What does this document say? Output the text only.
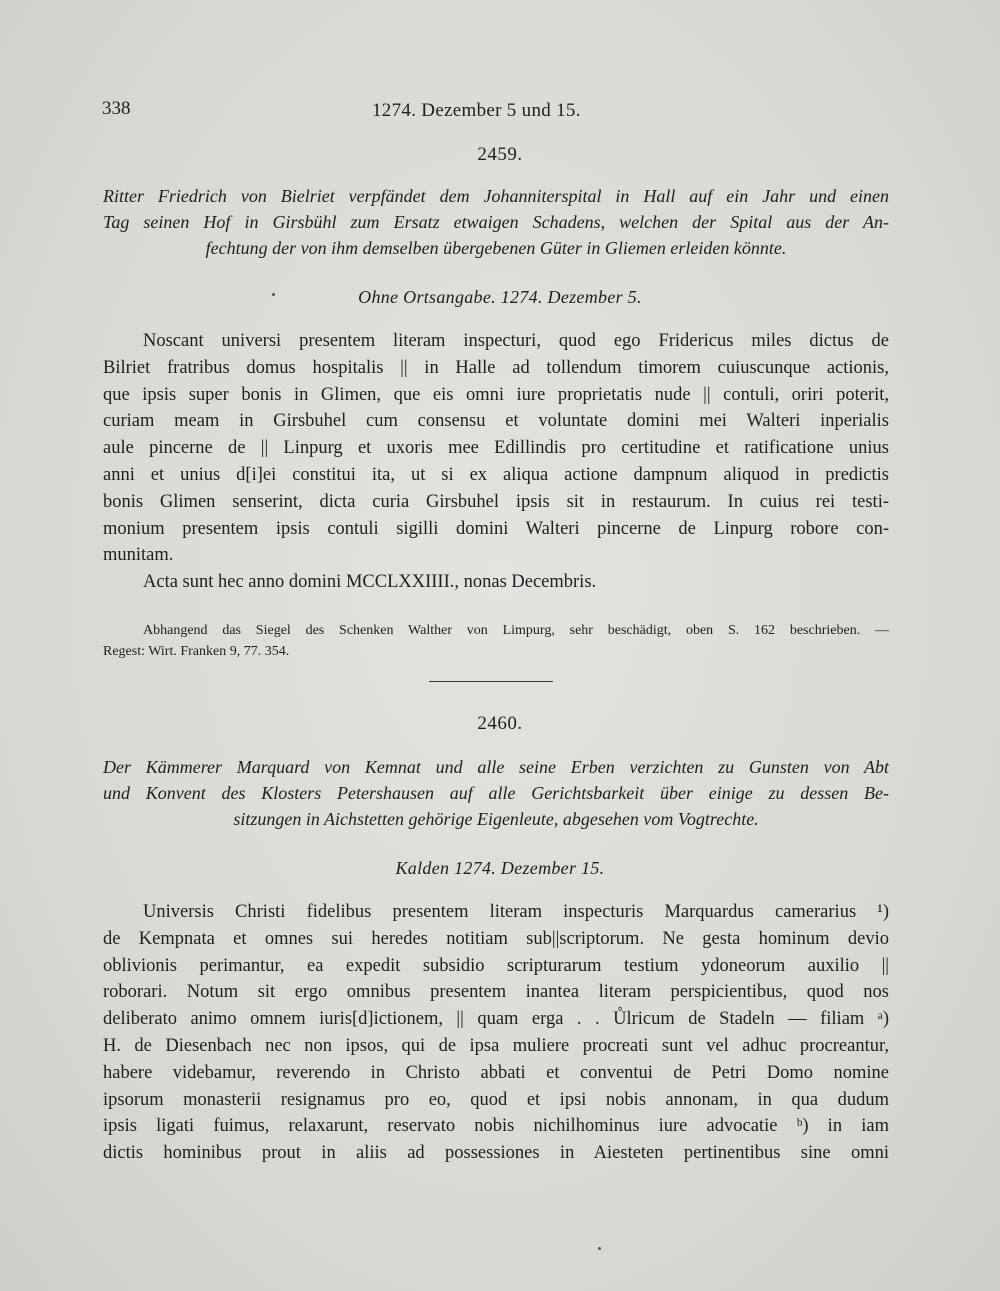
338	1274. Dezember 5 und 15.
2459.
Ritter Friedrich von Bielriet verpfändet dem Johanniterspital in Hall auf ein Jahr und einen
Tag seinen Hof in Girsbühl zum Ersatz etwaigen Schadens, welchen der Spital aus der An-
fechtung der von ihm demselben übergebenen Güter in Gliemen erleiden könnte.
Ohne Ortsangabe. 1274. Dezember 5.
Noscant universi presentem literam inspecturi, quod ego Fridericus miles dictus de
Bilriet fratribus domus hospitalis || in Halle ad tollendum timorem cuiuscunque actionis,
que ipsis super bonis in Glimen, que eis omni iure proprietatis nude || contuli, oriri poterit,
curiam meam in Girsbuhel cum consensu et voluntate domini mei Walteri inperialis
aule pincerne de || Linpurg et uxoris mee Edillindis pro certitudine et ratificatione unius
anni et unius d[i]ei constitui ita, ut si ex aliqua actione dampnum aliquod in predictis
bonis Glimen senserint, dicta curia Girsbuhel ipsis sit in restaurum. In cuius rei testi-
monium presentem ipsis contuli sigilli domini Walteri pincerne de Linpurg robore con-
munitam.
Acta sunt hec anno domini MCCLXXIIII., nonas Decembris.
Abhangend das Siegel des Schenken Walther von Limpurg, sehr beschädigt, oben S. 162 beschrieben. —
Regest: Wirt. Franken 9, 77. 354.
2460.
Der Kämmerer Marquard von Kemnat und alle seine Erben verzichten zu Gunsten von Abt
und Konvent des Klosters Petershausen auf alle Gerichtsbarkeit über einige zu dessen Be-
sitzungen in Aichstetten gehörige Eigenleute, abgesehen vom Vogtrechte.
Kalden 1274. Dezember 15.
Universis Christi fidelibus presentem literam inspecturis Marquardus camerarius ¹)
de Kempnata et omnes sui heredes notitiam sub||scriptorum. Ne gesta hominum devio
oblivionis perimantur, ea expedit subsidio scripturarum testium ydoneorum auxilio ||
roborari. Notum sit ergo omnibus presentem inantea literam perspicientibus, quod nos
deliberato animo omnem iuris[d]ictionem, || quam erga . . Ůlricum de Stadeln — filiam ᵃ)
H. de Diesenbach nec non ipsos, qui de ipsa muliere procreati sunt vel adhuc procreantur,
habere videbamur, reverendo in Christo abbati et conventui de Petri Domo nomine
ipsorum monasterii resignamus pro eo, quod et ipsi nobis annonam, in qua dudum
ipsis ligati fuimus, relaxarunt, reservato nobis nichilhominus iure advocatie ᵇ) in iam
dictis hominibus prout in aliis ad possessiones in Aiesteten pertinentibus sine omni
